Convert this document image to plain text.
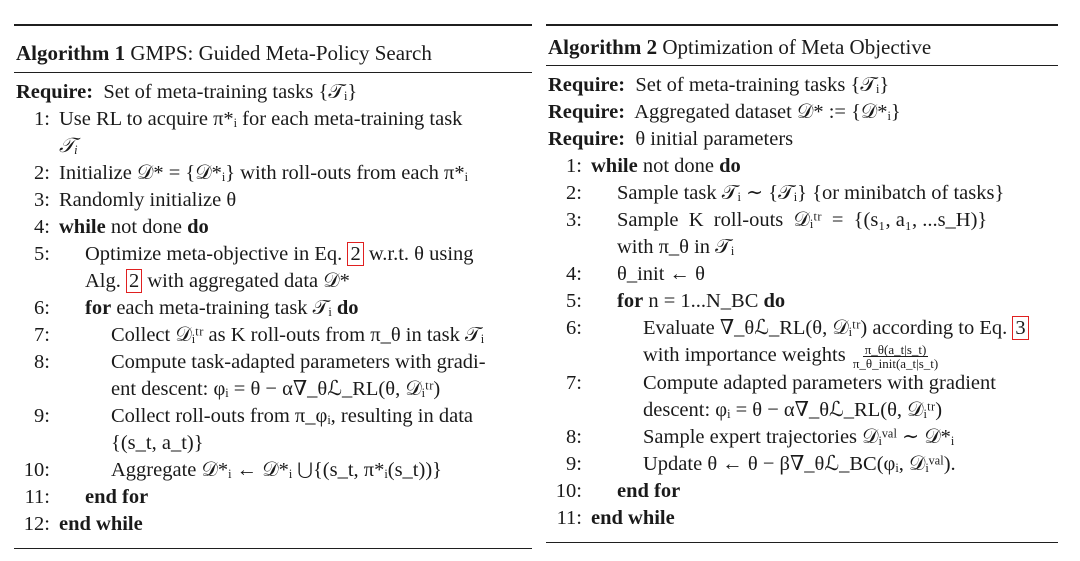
Algorithm 1 GMPS: Guided Meta-Policy Search
Require: Set of meta-training tasks {𝒯ᵢ}
1: Use RL to acquire π*ᵢ for each meta-training task
𝒯ᵢ
2: Initialize 𝒟* = {𝒟*ᵢ} with roll-outs from each π*ᵢ
3: Randomly initialize θ
4: while not done do
5:	Optimize meta-objective in Eq. 2 w.r.t. θ using
Alg. 2 with aggregated data 𝒟*
6:	for each meta-training task 𝒯ᵢ do
7:	Collect 𝒟ᵢᵗʳ as K roll-outs from π_θ in task 𝒯ᵢ
8:	Compute task-adapted parameters with gradi-
ent descent: φᵢ = θ − α∇_θℒ_RL(θ, 𝒟ᵢᵗʳ)
9:	Collect roll-outs from π_φᵢ, resulting in data
{(s_t, a_t)}
10:	Aggregate 𝒟*ᵢ ← 𝒟*ᵢ ⋃{(s_t, π*ᵢ(s_t))}
11:	end for
12: end while
Algorithm 2 Optimization of Meta Objective
Require: Set of meta-training tasks {𝒯ᵢ}
Require: Aggregated dataset 𝒟* := {𝒟*ᵢ}
Require: θ initial parameters
1: while not done do
2:	Sample task 𝒯ᵢ ∼ {𝒯ᵢ} {or minibatch of tasks}
3:	Sample  K  roll-outs  𝒟ᵢᵗʳ  =  {(s₁, a₁, ...s_H)}
with π_θ in 𝒯ᵢ
4:	θ_init ← θ
5:	for n = 1...N_BC do
6:	Evaluate ∇_θℒ_RL(θ, 𝒟ᵢᵗʳ) according to Eq. 3
with importance weights π_θ(a_t|s_t)
π_θ_init(a_t|s_t)
7:	Compute adapted parameters with gradient
descent: φᵢ = θ − α∇_θℒ_RL(θ, 𝒟ᵢᵗʳ)
8:	Sample expert trajectories 𝒟ᵢᵛᵃˡ ∼ 𝒟*ᵢ
9:	Update θ ← θ − β∇_θℒ_BC(φᵢ, 𝒟ᵢᵛᵃˡ).
10:	end for
11: end while
